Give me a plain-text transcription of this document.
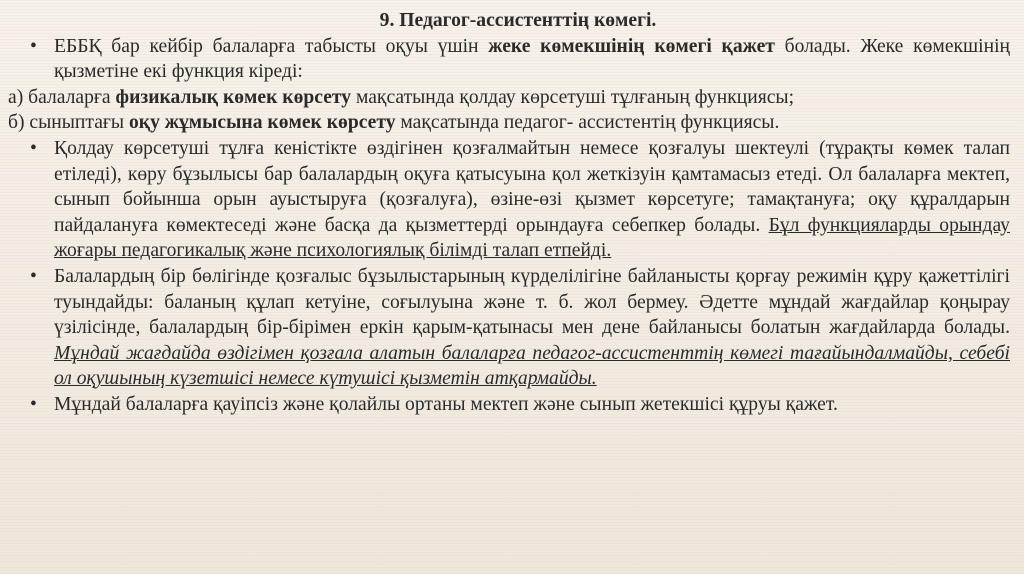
9. Педагог-ассистенттің көмегі.

• ЕББҚ бар кейбір балаларға табысты оқуы үшін жеке көмекшінің көмегі қажет болады. Жеке көмекшінің қызметіне екі функция кіреді:

а) балаларға физикалық көмек көрсету мақсатында қолдау көрсетуші тұлғаның функциясы;

б) сыныптағы оқу жұмысына көмек көрсету мақсатында педагог- ассистентің функциясы.

• Қолдау көрсетуші тұлға кеністікте өздігінен қозғалмайтын немесе қозғалуы шектеулі (тұрақты көмек талап етіледі), көру бұзылысы бар балалардың оқуға қатысуына қол жеткізуін қамтамасыз етеді. Ол балаларға мектеп, сынып бойынша орын ауыстыруға (қозғалуға), өзіне-өзі қызмет көрсетуге; тамақтануға; оқу құралдарын пайдалануға көмектеседі және басқа да қызметтерді орындауға себепкер болады. Бұл функцияларды орындау жоғары педагогикалық және психологиялық білімді талап етпейді.

• Балалардың бір бөлігінде қозғалыс бұзылыстарының күрделілігіне байланысты қорғау режимін құру қажеттілігі туындайды: баланың құлап кетуіне, соғылуына және т. б. жол бермеу. Әдетте мұндай жағдайлар қоңырау үзілісінде, балалардың бір-бірімен еркін қарым-қатынасы мен дене байланысы болатын жағдайларда болады. Мұндай жағдайда өздігімен қозғала алатын балаларға педагог-ассистенттің көмегі тағайындалмайды, себебі ол оқушының күзетшісі немесе күтушісі қызметін атқармайды.

• Мұндай балаларға қауіпсіз және қолайлы ортаны мектеп және сынып жетекшісі құруы қажет.
